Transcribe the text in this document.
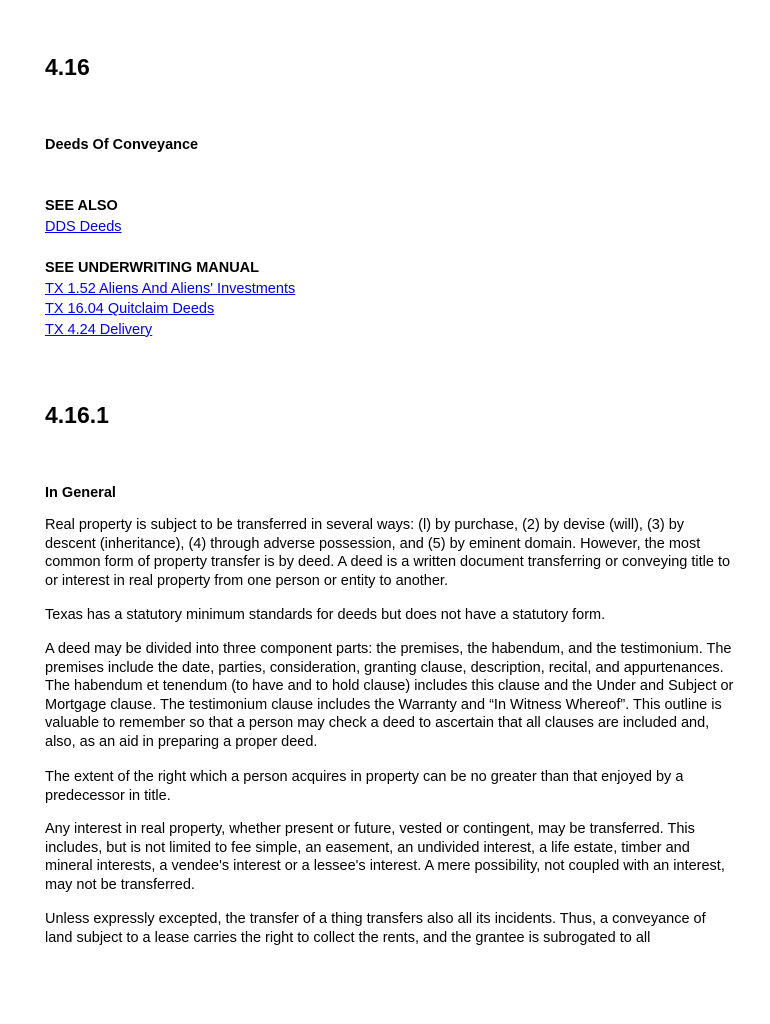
4.16
Deeds Of Conveyance
SEE ALSO
DDS Deeds
SEE UNDERWRITING MANUAL
TX 1.52 Aliens And Aliens' Investments
TX 16.04 Quitclaim Deeds
TX 4.24 Delivery
4.16.1
In General

Real property is subject to be transferred in several ways: (l) by purchase, (2) by devise (will), (3) by descent (inheritance), (4) through adverse possession, and (5) by eminent domain. However, the most common form of property transfer is by deed. A deed is a written document transferring or conveying title to or interest in real property from one person or entity to another.

Texas has a statutory minimum standards for deeds but does not have a statutory form.

A deed may be divided into three component parts: the premises, the habendum, and the testimonium. The premises include the date, parties, consideration, granting clause, description, recital, and appurtenances. The habendum et tenendum (to have and to hold clause) includes this clause and the Under and Subject or Mortgage clause. The testimonium clause includes the Warranty and “In Witness Whereof”. This outline is valuable to remember so that a person may check a deed to ascertain that all clauses are included and, also, as an aid in preparing a proper deed.

The extent of the right which a person acquires in property can be no greater than that enjoyed by a predecessor in title.

Any interest in real property, whether present or future, vested or contingent, may be transferred. This includes, but is not limited to fee simple, an easement, an undivided interest, a life estate, timber and mineral interests, a vendee's interest or a lessee's interest. A mere possibility, not coupled with an interest, may not be transferred.

Unless expressly excepted, the transfer of a thing transfers also all its incidents. Thus, a conveyance of land subject to a lease carries the right to collect the rents, and the grantee is subrogated to all
